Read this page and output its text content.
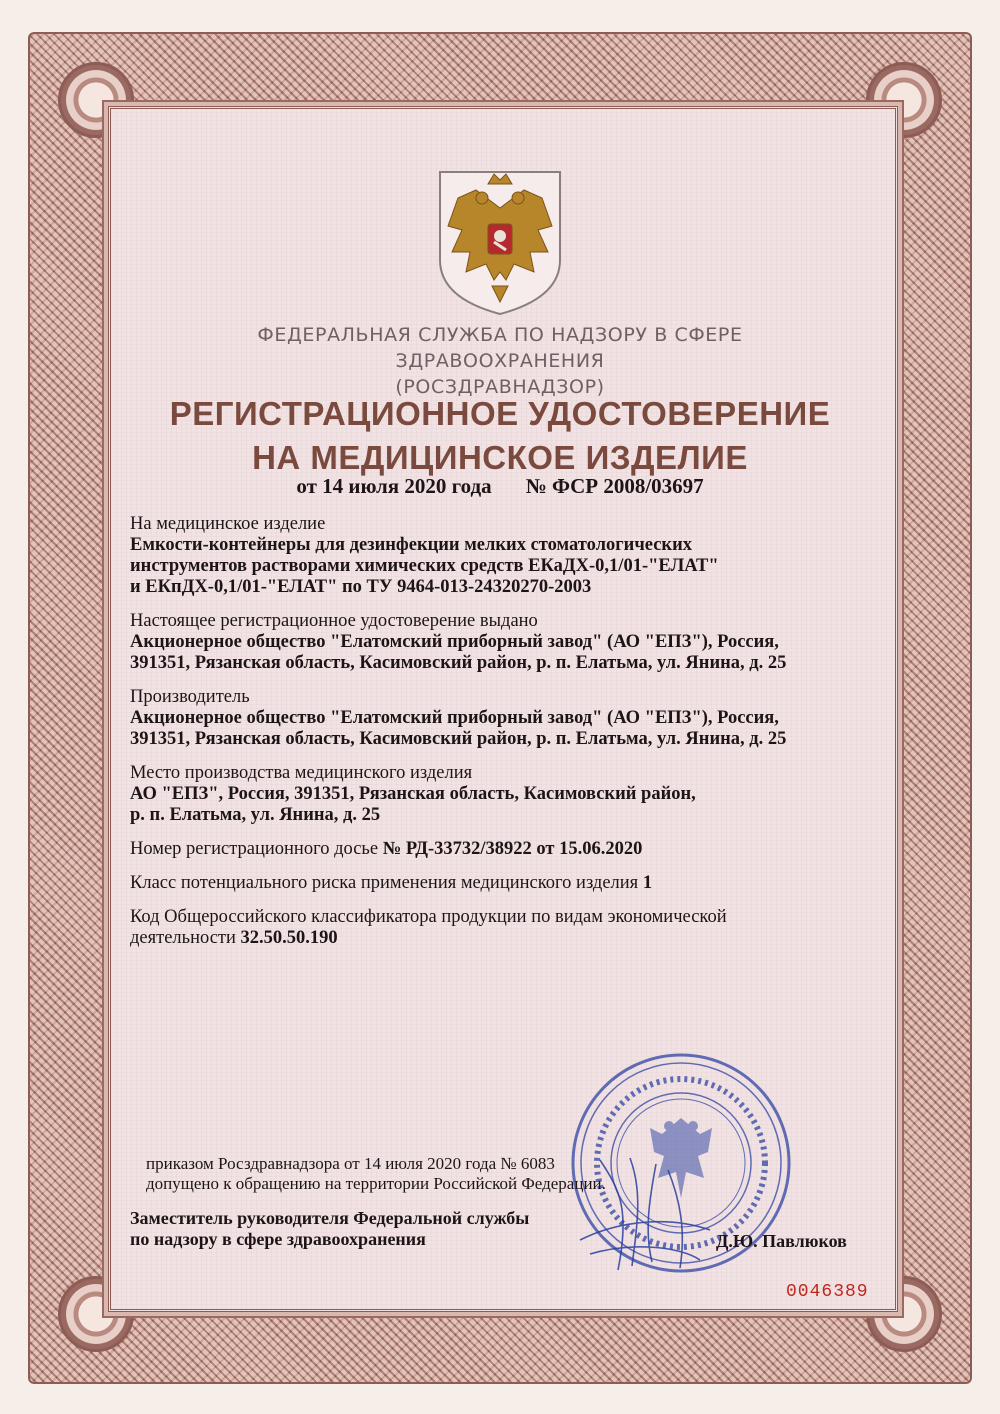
ФЕДЕРАЛЬНАЯ СЛУЖБА ПО НАДЗОРУ В СФЕРЕ ЗДРАВООХРАНЕНИЯ
(РОСЗДРАВНАДЗОР)
РЕГИСТРАЦИОННОЕ УДОСТОВЕРЕНИЕ
НА МЕДИЦИНСКОЕ ИЗДЕЛИЕ
от 14 июля 2020 года № ФСР 2008/03697
На медицинское изделие
Емкости-контейнеры для дезинфекции мелких стоматологических
инструментов растворами химических средств ЕКаДХ-0,1/01-"ЕЛАТ"
и ЕКпДХ-0,1/01-"ЕЛАТ" по ТУ 9464-013-24320270-2003
Настоящее регистрационное удостоверение выдано
Акционерное общество "Елатомский приборный завод" (АО "ЕПЗ"), Россия,
391351, Рязанская область, Касимовский район, р. п. Елатьма, ул. Янина, д. 25
Производитель
Акционерное общество "Елатомский приборный завод" (АО "ЕПЗ"), Россия,
391351, Рязанская область, Касимовский район, р. п. Елатьма, ул. Янина, д. 25
Место производства медицинского изделия
АО "ЕПЗ", Россия, 391351, Рязанская область, Касимовский район,
р. п. Елатьма, ул. Янина, д. 25
Номер регистрационного досье № РД-33732/38922 от 15.06.2020
Класс потенциального риска применения медицинского изделия 1
Код Общероссийского классификатора продукции по видам экономической
деятельности 32.50.50.190
приказом Росздравнадзора от 14 июля 2020 года № 6083
допущено к обращению на территории Российской Федерации.
Заместитель руководителя Федеральной службы
по надзору в сфере здравоохранения	Д.Ю. Павлюков
0046389
